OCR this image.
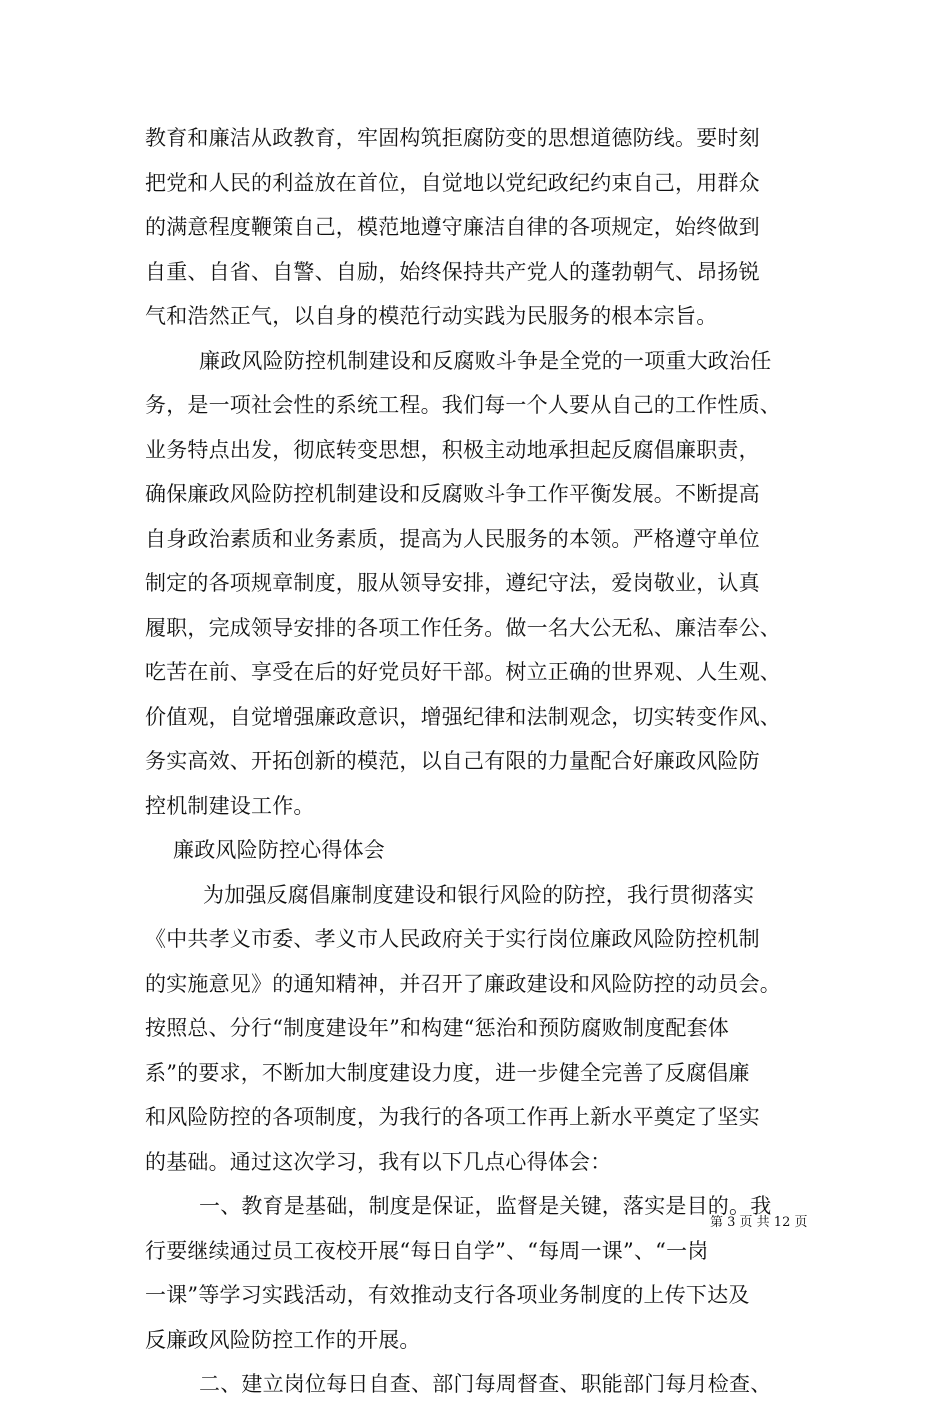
教育和廉洁从政教育，牢固构筑拒腐防变的思想道德防线。要时刻
把党和人民的利益放在首位，自觉地以党纪政纪约束自己，用群众
的满意程度鞭策自己，模范地遵守廉洁自律的各项规定，始终做到
自重、自省、自警、自励，始终保持共产党人的蓬勃朝气、昂扬锐
气和浩然正气，以自身的模范行动实践为民服务的根本宗旨。
廉政风险防控机制建设和反腐败斗争是全党的一项重大政治任
务，是一项社会性的系统工程。我们每一个人要从自己的工作性质、
业务特点出发，彻底转变思想，积极主动地承担起反腐倡廉职责，
确保廉政风险防控机制建设和反腐败斗争工作平衡发展。不断提高
自身政治素质和业务素质，提高为人民服务的本领。严格遵守单位
制定的各项规章制度，服从领导安排，遵纪守法，爱岗敬业，认真
履职，完成领导安排的各项工作任务。做一名大公无私、廉洁奉公、
吃苦在前、享受在后的好党员好干部。树立正确的世界观、人生观、
价值观，自觉增强廉政意识，增强纪律和法制观念，切实转变作风、
务实高效、开拓创新的模范，以自己有限的力量配合好廉政风险防
控机制建设工作。
廉政风险防控心得体会
为加强反腐倡廉制度建设和银行风险的防控，我行贯彻落实
《中共孝义市委、孝义市人民政府关于实行岗位廉政风险防控机制
的实施意见》的通知精神，并召开了廉政建设和风险防控的动员会。
按照总、分行“制度建设年”和构建“惩治和预防腐败制度配套体
系”的要求，不断加大制度建设力度，进一步健全完善了反腐倡廉
和风险防控的各项制度，为我行的各项工作再上新水平奠定了坚实
的基础。通过这次学习，我有以下几点心得体会：
一、教育是基础，制度是保证，监督是关键，落实是目的。我
行要继续通过员工夜校开展“每日自学”、“每周一课”、“一岗
一课”等学习实践活动，有效推动支行各项业务制度的上传下达及
反廉政风险防控工作的开展。
二、建立岗位每日自查、部门每周督查、职能部门每月检查、
第 3 页 共 12 页
